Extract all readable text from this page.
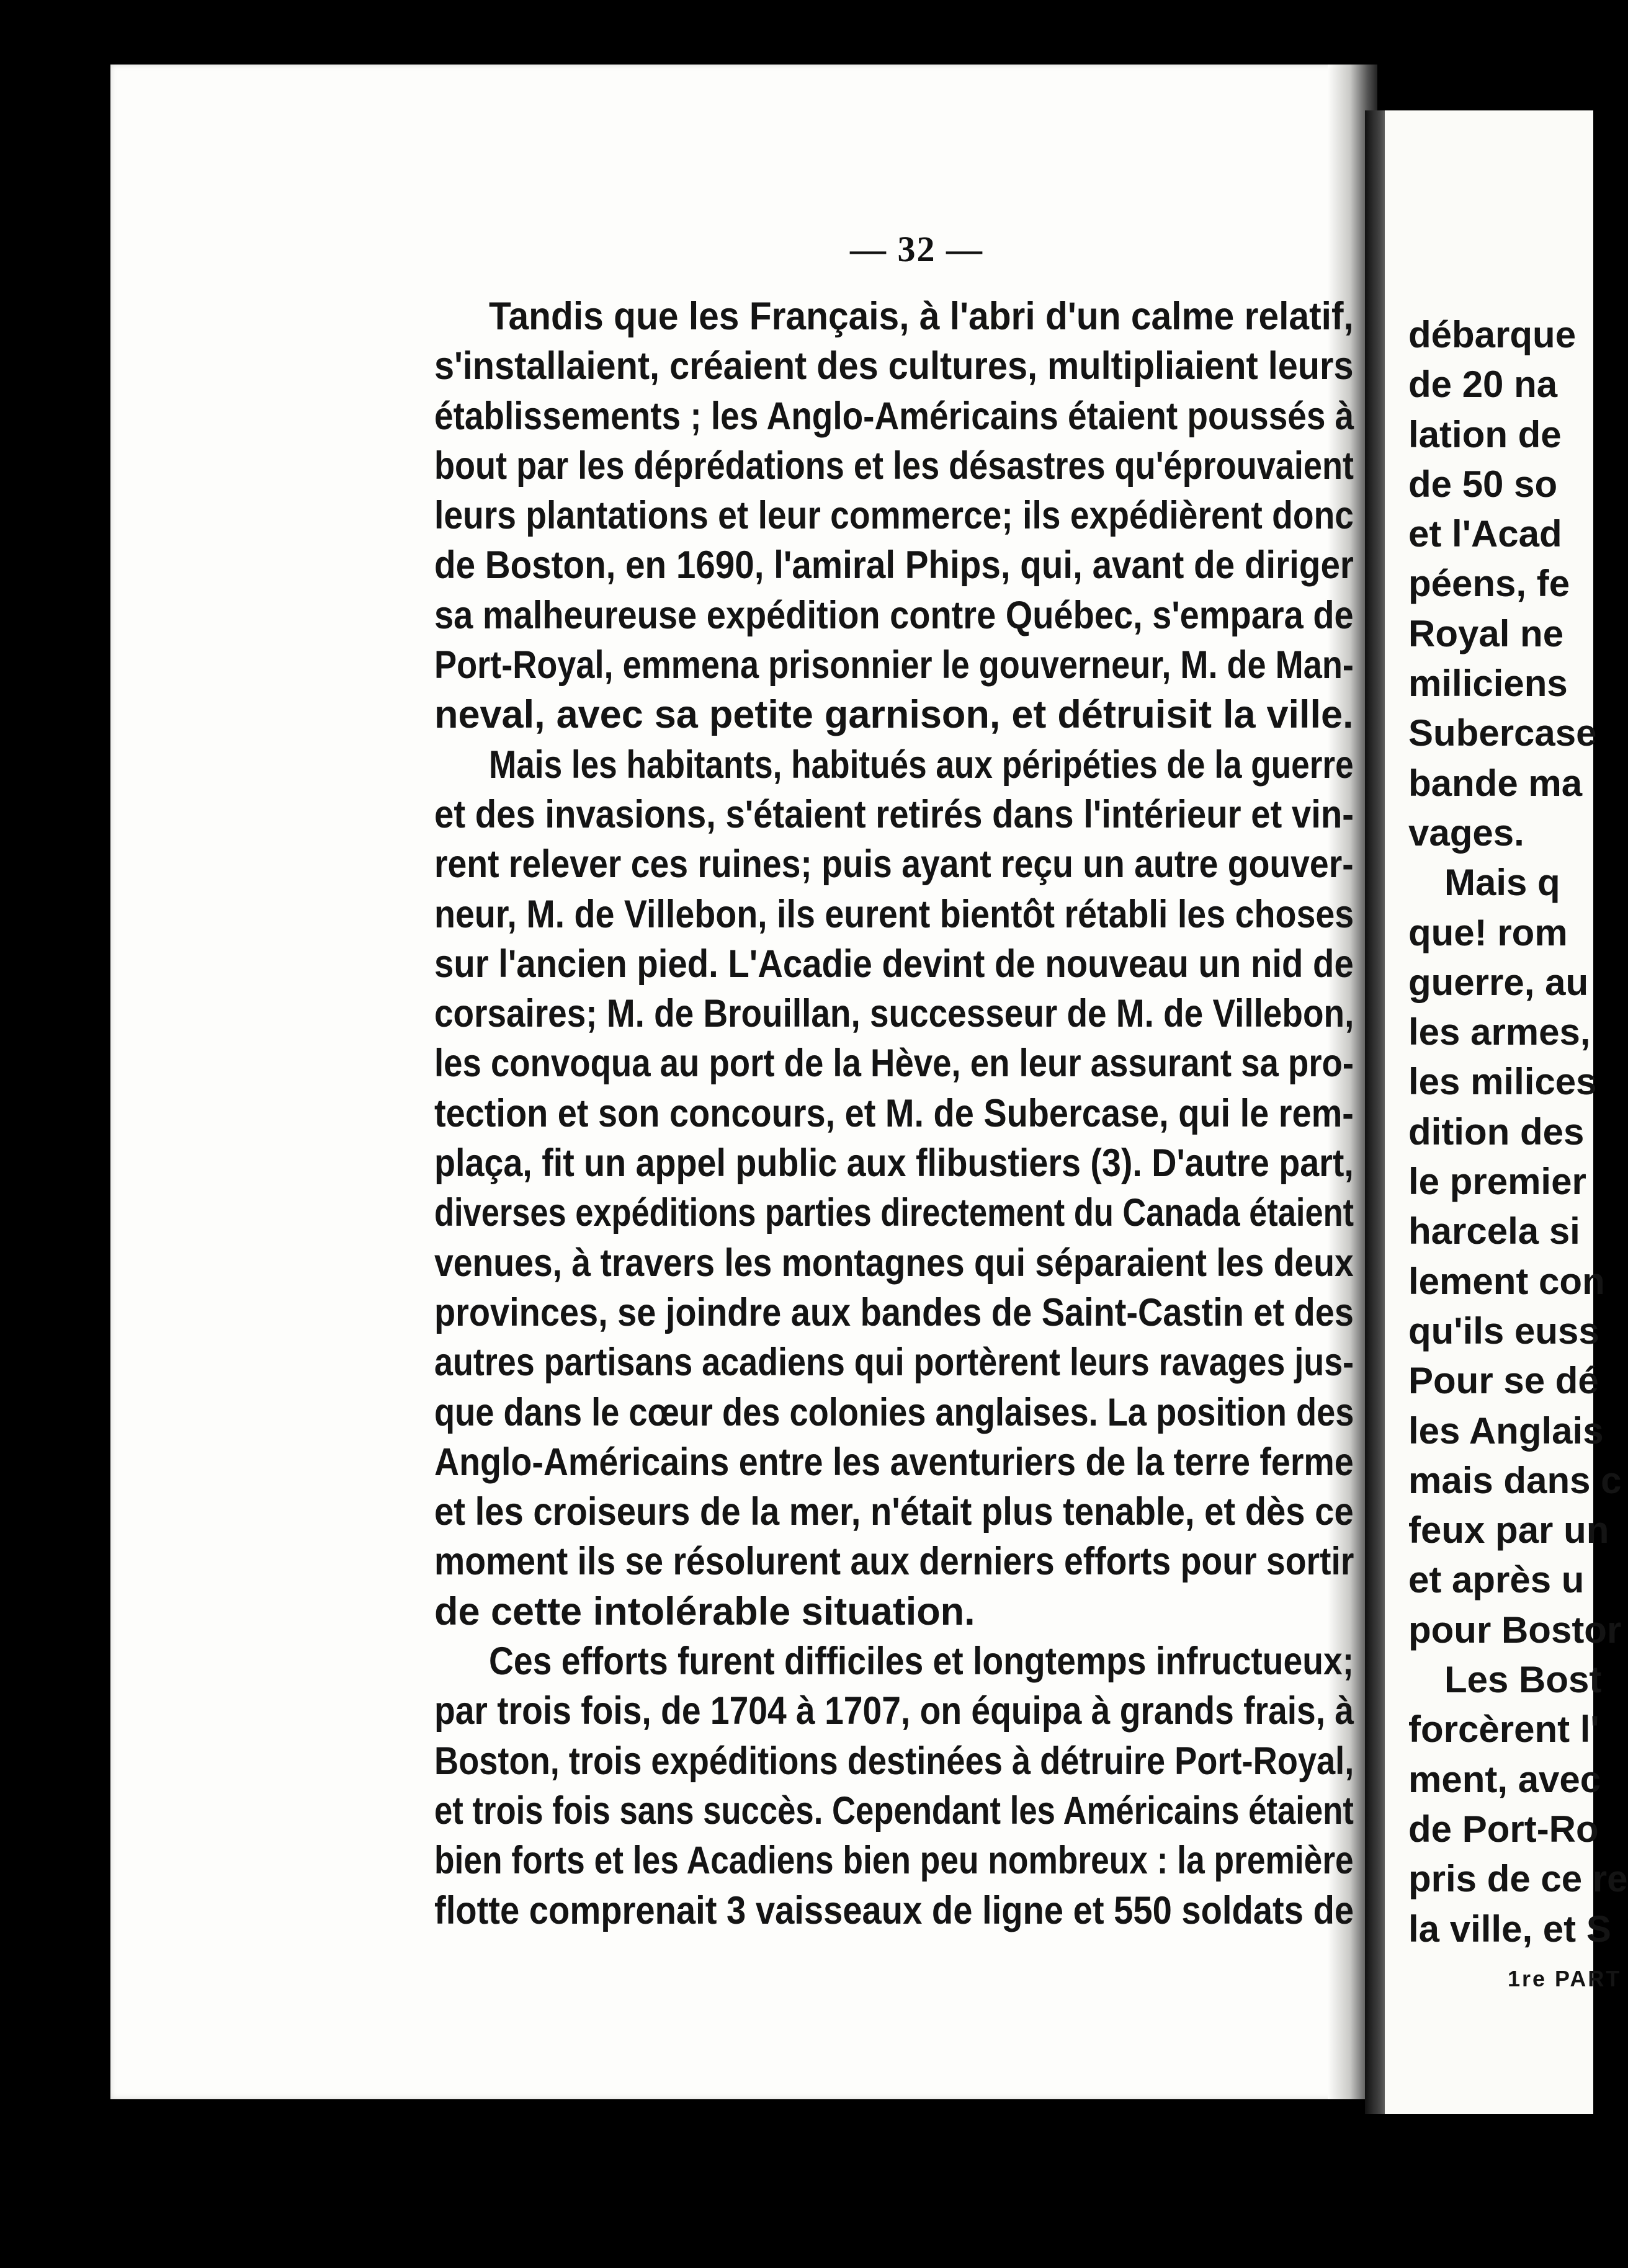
— 32 —
Tandis que les Français, à l'abri d'un calme relatif,
s'installaient, créaient des cultures, multipliaient leurs
établissements ; les Anglo-Américains étaient poussés à
bout par les déprédations et les désastres qu'éprouvaient
leurs plantations et leur commerce; ils expédièrent donc
de Boston, en 1690, l'amiral Phips, qui, avant de diriger
sa malheureuse expédition contre Québec, s'empara de
Port-Royal, emmena prisonnier le gouverneur, M. de Man-
neval, avec sa petite garnison, et détruisit la ville.
Mais les habitants, habitués aux péripéties de la guerre
et des invasions, s'étaient retirés dans l'intérieur et vin-
rent relever ces ruines; puis ayant reçu un autre gouver-
neur, M. de Villebon, ils eurent bientôt rétabli les choses
sur l'ancien pied. L'Acadie devint de nouveau un nid de
corsaires; M. de Brouillan, successeur de M. de Villebon,
les convoqua au port de la Hève, en leur assurant sa pro-
tection et son concours, et M. de Subercase, qui le rem-
plaça, fit un appel public aux flibustiers (3). D'autre part,
diverses expéditions parties directement du Canada étaient
venues, à travers les montagnes qui séparaient les deux
provinces, se joindre aux bandes de Saint-Castin et des
autres partisans acadiens qui portèrent leurs ravages jus-
que dans le cœur des colonies anglaises. La position des
Anglo-Américains entre les aventuriers de la terre ferme
et les croiseurs de la mer, n'était plus tenable, et dès ce
moment ils se résolurent aux derniers efforts pour sortir
de cette intolérable situation.
Ces efforts furent difficiles et longtemps infructueux;
par trois fois, de 1704 à 1707, on équipa à grands frais, à
Boston, trois expéditions destinées à détruire Port-Royal,
et trois fois sans succès. Cependant les Américains étaient
bien forts et les Acadiens bien peu nombreux : la première
flotte comprenait 3 vaisseaux de ligne et 550 soldats de
débarque
de 20 na
lation de
de 50 so
et l'Acad
péens, fe
Royal ne
miliciens
Subercase
bande ma
vages.
Mais q
que! rom
guerre, au
les armes,
les milices
dition des
le premier
harcela si
lement con
qu'ils euss
Pour se dé
les Anglais
mais dans c
feux par un
et après u
pour Bostor
Les Bost
forcèrent l'
ment, avec
de Port-Ro
pris de ce re
la ville, et S
1re PART
